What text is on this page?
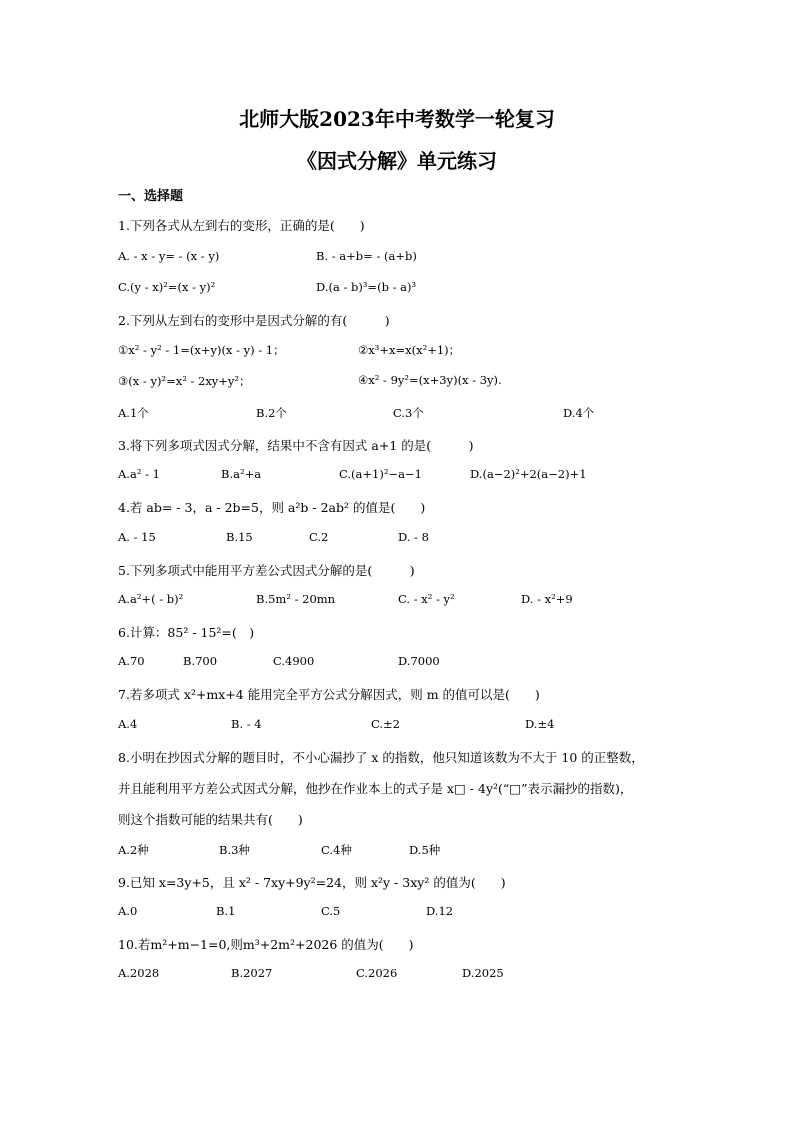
北师大版2023年中考数学一轮复习
《因式分解》单元练习
一、选择题
1.下列各式从左到右的变形，正确的是(　　)
A. - x - y= - (x - y)	B. - a+b= - (a+b)
C.(y - x)²=(x - y)²	D.(a - b)³=(b - a)³
2.下列从左到右的变形中是因式分解的有(　　　)
①x² - y² - 1=(x+y)(x - y) - 1；	②x³+x=x(x²+1)；
③(x - y)²=x² - 2xy+y²；	④x² - 9y²=(x+3y)(x - 3y).
A.1个	B.2个	C.3个	D.4个
3.将下列多项式因式分解，结果中不含有因式 a+1 的是(　　　)
A.a² - 1	B.a²+a	C.(a+1)²−a−1	D.(a−2)²+2(a−2)+1
4.若 ab= - 3，a - 2b=5，则 a²b - 2ab² 的值是(　　)
A. - 15	B.15	C.2	D. - 8
5.下列多项式中能用平方差公式因式分解的是(　　　)
A.a²+( - b)²	B.5m² - 20mn	C. - x² - y²	D. - x²+9
6.计算：85² - 15²=(　)
A.70	B.700	C.4900	D.7000
7.若多项式 x²+mx+4 能用完全平方公式分解因式，则 m 的值可以是(　　)
A.4	B. - 4	C.±2	D.±4
8.小明在抄因式分解的题目时，不小心漏抄了 x 的指数，他只知道该数为不大于 10 的正整数，
并且能利用平方差公式因式分解，他抄在作业本上的式子是 x□ - 4y²(“□”表示漏抄的指数)，
则这个指数可能的结果共有(　　)
A.2种	B.3种	C.4种	D.5种
9.已知 x=3y+5，且 x² - 7xy+9y²=24，则 x²y - 3xy² 的值为(　　)
A.0	B.1	C.5	D.12
10.若m²+m−1=0,则m³+2m²+2026 的值为(　　)
A.2028	B.2027	C.2026	D.2025
